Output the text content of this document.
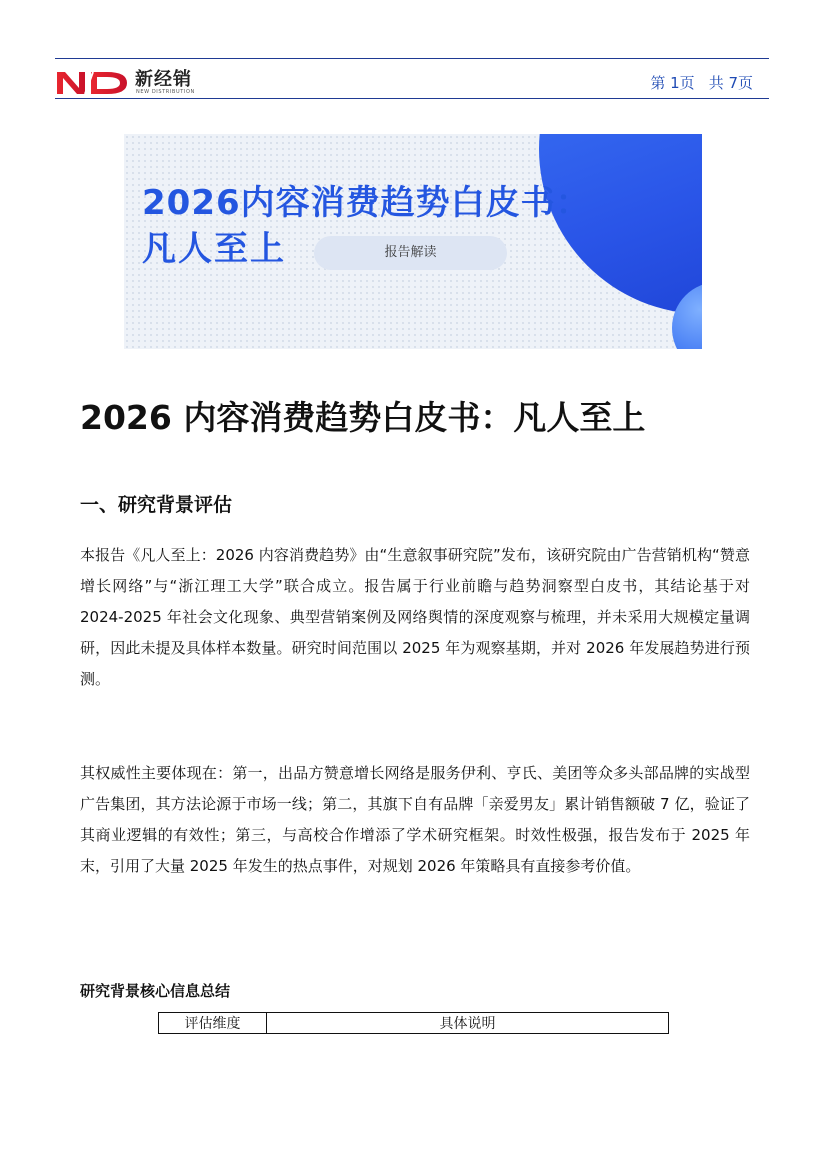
新经销
NEW DISTRIBUTION	第 1页 共 7页
2026内容消费趋势白皮书：
凡人至上	报告解读
2026 内容消费趋势白皮书：凡人至上
一、研究背景评估

本报告《凡人至上：2026 内容消费趋势》由“生意叙事研究院”发布，该研究院由广告营销机构“赞意增长网络”与“浙江理工大学”联合成立。报告属于行业前瞻与趋势洞察型白皮书，其结论基于对 2024-2025 年社会文化现象、典型营销案例及网络舆情的深度观察与梳理，并未采用大规模定量调研，因此未提及具体样本数量。研究时间范围以 2025 年为观察基期，并对 2026 年发展趋势进行预测。

其权威性主要体现在：第一，出品方赞意增长网络是服务伊利、亨氏、美团等众多头部品牌的实战型广告集团，其方法论源于市场一线；第二，其旗下自有品牌「亲爱男友」累计销售额破 7 亿，验证了其商业逻辑的有效性；第三，与高校合作增添了学术研究框架。时效性极强，报告发布于 2025 年末，引用了大量 2025 年发生的热点事件，对规划 2026 年策略具有直接参考价值。

研究背景核心信息总结
评估维度	具体说明
